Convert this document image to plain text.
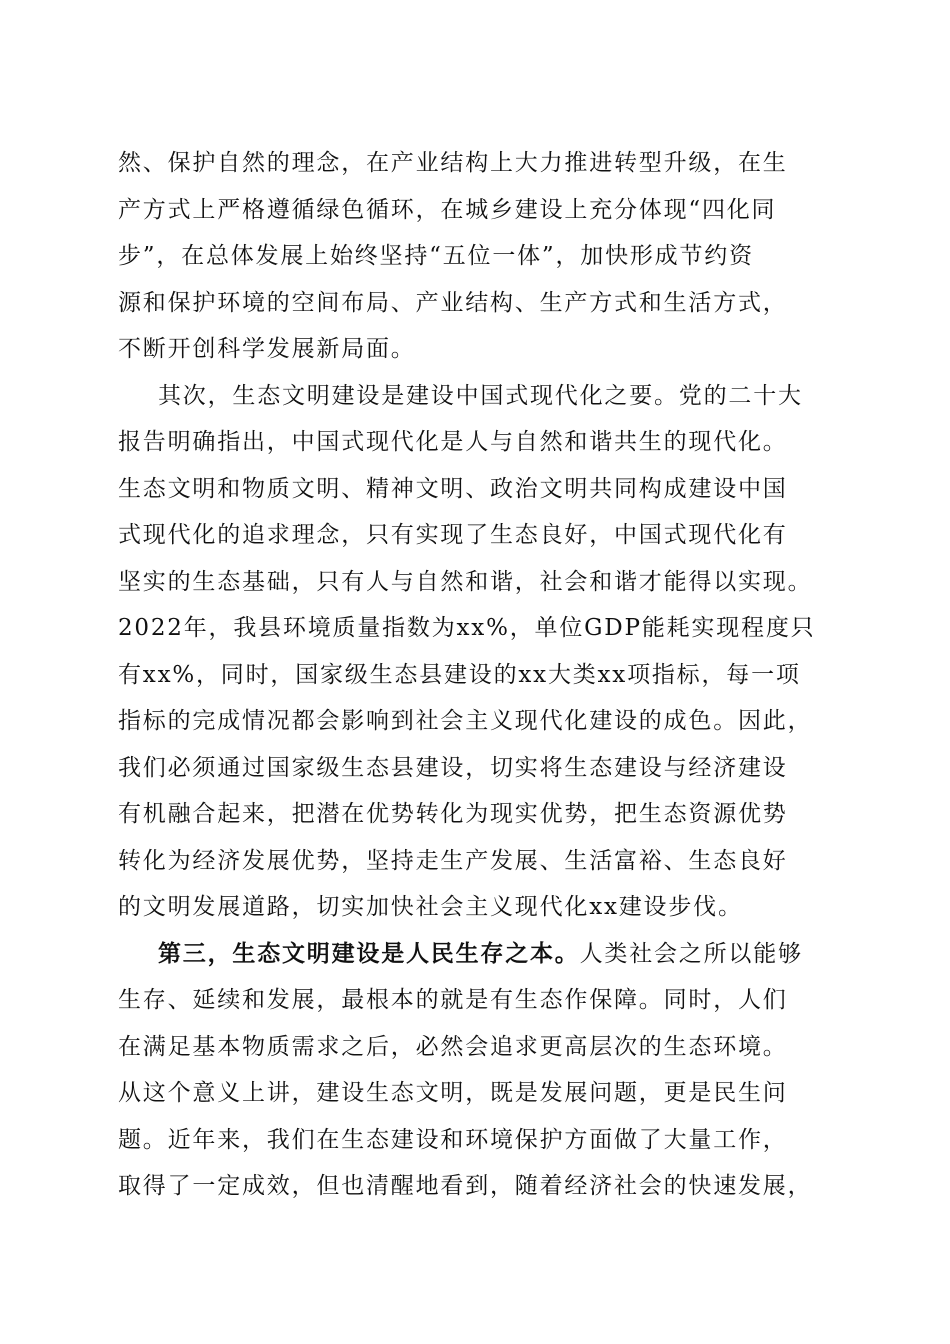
然、保护自然的理念，在产业结构上大力推进转型升级，在生
产方式上严格遵循绿色循环，在城乡建设上充分体现“四化同
步”，在总体发展上始终坚持“五位一体”，加快形成节约资
源和保护环境的空间布局、产业结构、生产方式和生活方式，
不断开创科学发展新局面。
其次，生态文明建设是建设中国式现代化之要。党的二十大
报告明确指出，中国式现代化是人与自然和谐共生的现代化。
生态文明和物质文明、精神文明、政治文明共同构成建设中国
式现代化的追求理念，只有实现了生态良好，中国式现代化有
坚实的生态基础，只有人与自然和谐，社会和谐才能得以实现。
2022年，我县环境质量指数为xx%，单位GDP能耗实现程度只
有xx%，同时，国家级生态县建设的xx大类xx项指标，每一项
指标的完成情况都会影响到社会主义现代化建设的成色。因此，
我们必须通过国家级生态县建设，切实将生态建设与经济建设
有机融合起来，把潜在优势转化为现实优势，把生态资源优势
转化为经济发展优势，坚持走生产发展、生活富裕、生态良好
的文明发展道路，切实加快社会主义现代化xx建设步伐。
第三，生态文明建设是人民生存之本。人类社会之所以能够
生存、延续和发展，最根本的就是有生态作保障。同时，人们
在满足基本物质需求之后，必然会追求更高层次的生态环境。
从这个意义上讲，建设生态文明，既是发展问题，更是民生问
题。近年来，我们在生态建设和环境保护方面做了大量工作，
取得了一定成效，但也清醒地看到，随着经济社会的快速发展，
